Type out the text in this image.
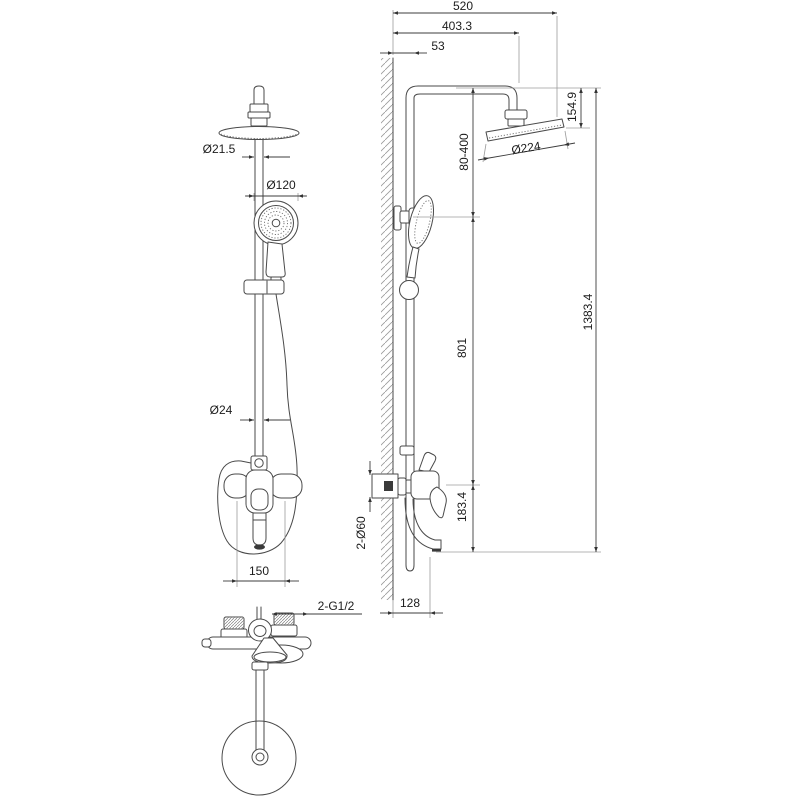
520
403.3
53
154.9
Ø224
80-400
801
1383.4
183.4
128
2-Ø60
Ø21.5
Ø120
Ø24
150
2-G1/2
